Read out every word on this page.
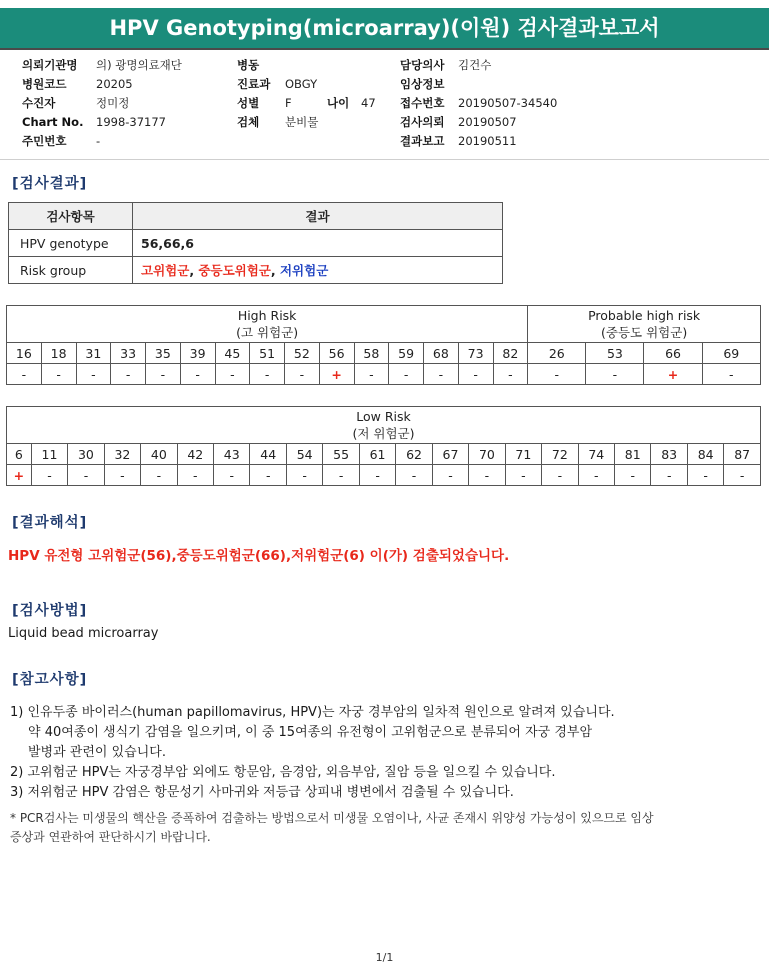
HPV Genotyping(microarray)(이원) 검사결과보고서
의뢰기관명 의) 광명의료재단
병원코드	20205
수진자	정미정
Chart No. 1998-37177
주민번호	-
병동
진료과 OBGY
성별 F	나이 47
검체 분비물
담당의사 김건수
임상정보
접수번호 20190507-34540
검사의뢰 20190507
결과보고 20190511
[검사결과]
검사항목	결과
HPV genotype	56,66,6
Risk group	고위험군, 중등도위험군, 저위험군
High Risk
(고 위험군)															Probable high risk
(중등도 위험군)			
16	18	31	33	35	39	45	51	52	56	58	59	68	73	82	26	53	66	69
-	-	-	-	-	-	-	-	-	+	-	-	-	-	-	-	-	+	-
Low Risk
(저 위험군)																				
6	11	30	32	40	42	43	44	54	55	61	62	67	70	71	72	74	81	83	84	87
+	-	-	-	-	-	-	-	-	-	-	-	-	-	-	-	-	-	-	-	-
[결과해석]
HPV 유전형 고위험군(56),중등도위험군(66),저위험군(6) 이(가) 검출되었습니다.
[검사방법]
Liquid bead microarray
[참고사항]
1) 인유두종 바이러스(human papillomavirus, HPV)는 자궁 경부암의 일차적 원인으로 알려져 있습니다.
약 40여종이 생식기 감염을 일으키며, 이 중 15여종의 유전형이 고위험군으로 분류되어 자궁 경부암
발병과 관련이 있습니다.
2) 고위험군 HPV는 자궁경부암 외에도 항문암, 음경암, 외음부암, 질암 등을 일으킬 수 있습니다.
3) 저위험군 HPV 감염은 항문성기 사마귀와 저등급 상피내 병변에서 검출될 수 있습니다.
* PCR검사는 미생물의 핵산을 증폭하여 검출하는 방법으로서 미생물 오염이나, 사균 존재시 위양성 가능성이 있으므로 임상
증상과 연관하여 판단하시기 바랍니다.
1/1
